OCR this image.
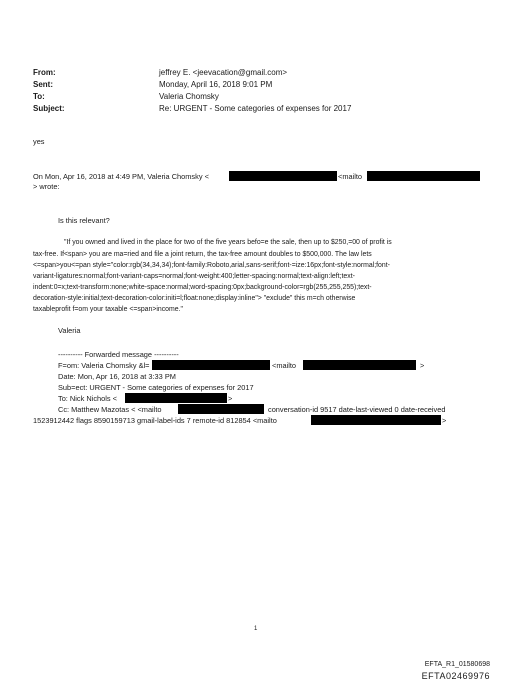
From:	jeffrey E. <jeevacation@gmail.com>
Sent:	Monday, April 16, 2018 9:01 PM
To:	Valeria Chomsky
Subject:	Re: URGENT - Some categories of expenses for 2017
yes
On Mon, Apr 16, 2018 at 4:49 PM, Valeria Chomsky <	<mailto
> wrote:
Is this relevant?
"If you owned and lived in the place for two of the five years befo=e the sale, then up to $250,=00 of profit is
tax-free. If<span> you are ma=ried and file a joint return, the tax-free amount doubles to $500,000. The law lets
<=span>you<=pan style="color:rgb(34,34,34);font-family:Roboto,arial,sans-serif;font-=ize:16px;font-style:normal;font-
variant-ligatures:normal;font-variant-caps=normal;font-weight:400;letter-spacing:normal;text-align:left;text-
indent:0=x;text-transform:none;white-space:normal;word-spacing:0px;background-color=rgb(255,255,255);text-
decoration-style:initial;text-decoration-color:initi=l;float:none;display:inline"> "exclude" this m=ch otherwise
taxableprofit f=om your taxable <=span>income."
Valeria
---------- Forwarded message ----------
F=om: Valeria Chomsky &l=	<mailto	>
Date: Mon, Apr 16, 2018 at 3:33 PM
Sub=ect: URGENT - Some categories of expenses for 2017
To: Nick Nichols <	>
Cc: Matthew Mazotas < <mailto	conversation-id 9517 date-last-viewed 0 date-received
1523912442 flags 8590159713 gmail-label-ids 7 remote-id 812854 <mailto	>
1
EFTA_R1_01580698
EFTA02469976
